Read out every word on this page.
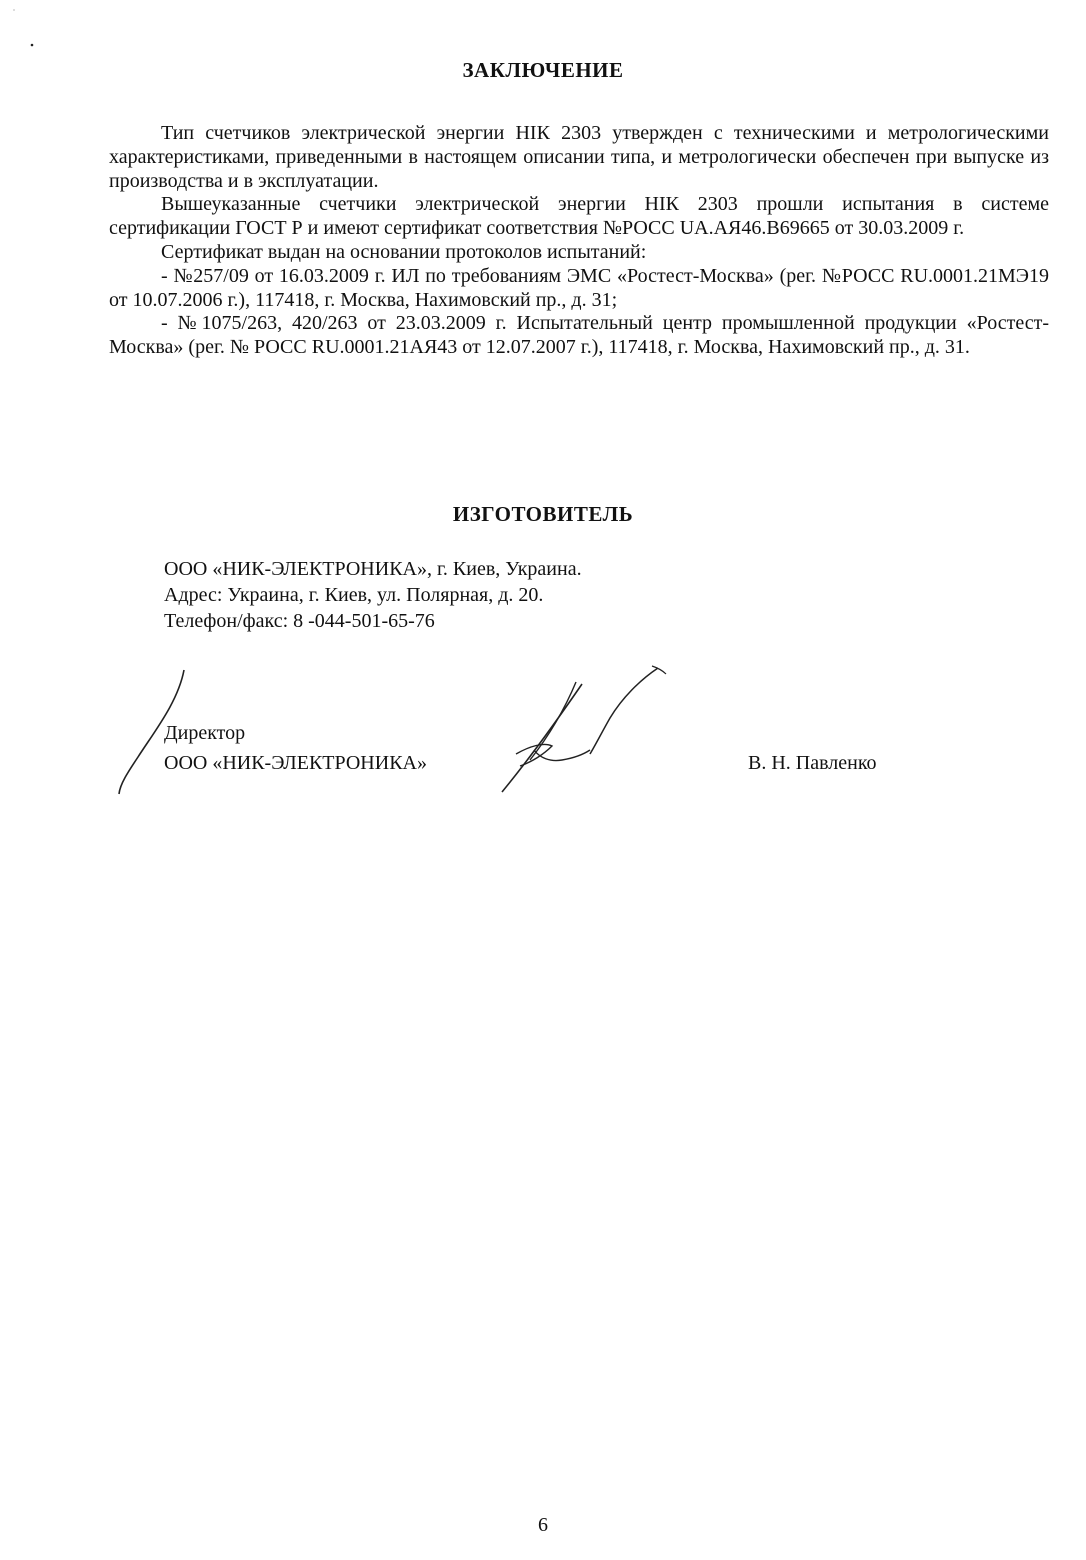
ЗАКЛЮЧЕНИЕ

Тип счетчиков электрической энергии НІК 2303 утвержден с техническими и метрологическими характеристиками, приведенными в настоящем описании типа, и метрологически обеспечен при выпуске из производства и в эксплуатации.

Вышеуказанные счетчики электрической энергии НІК 2303 прошли испытания в системе сертификации ГОСТ Р и имеют сертификат соответствия №РОСС UA.АЯ46.В69665 от 30.03.2009 г.

Сертификат выдан на основании протоколов испытаний:

- №257/09 от 16.03.2009 г. ИЛ по требованиям ЭМС «Ростест-Москва» (рег. №РОСС RU.0001.21МЭ19 от 10.07.2006 г.), 117418, г. Москва, Нахимовский пр., д. 31;

- №1075/263, 420/263 от 23.03.2009 г. Испытательный центр промышленной продукции «Ростест-Москва» (рег. № РОСС RU.0001.21АЯ43 от 12.07.2007 г.), 117418, г. Москва, Нахимовский пр., д. 31.

ИЗГОТОВИТЕЛЬ
ООО «НИК-ЭЛЕКТРОНИКА», г. Киев, Украина.
Адрес: Украина, г. Киев, ул. Полярная, д. 20.
Телефон/факс: 8 -044-501-65-76
Директор
ООО «НИК-ЭЛЕКТРОНИКА»	В. Н. Павленко
6
